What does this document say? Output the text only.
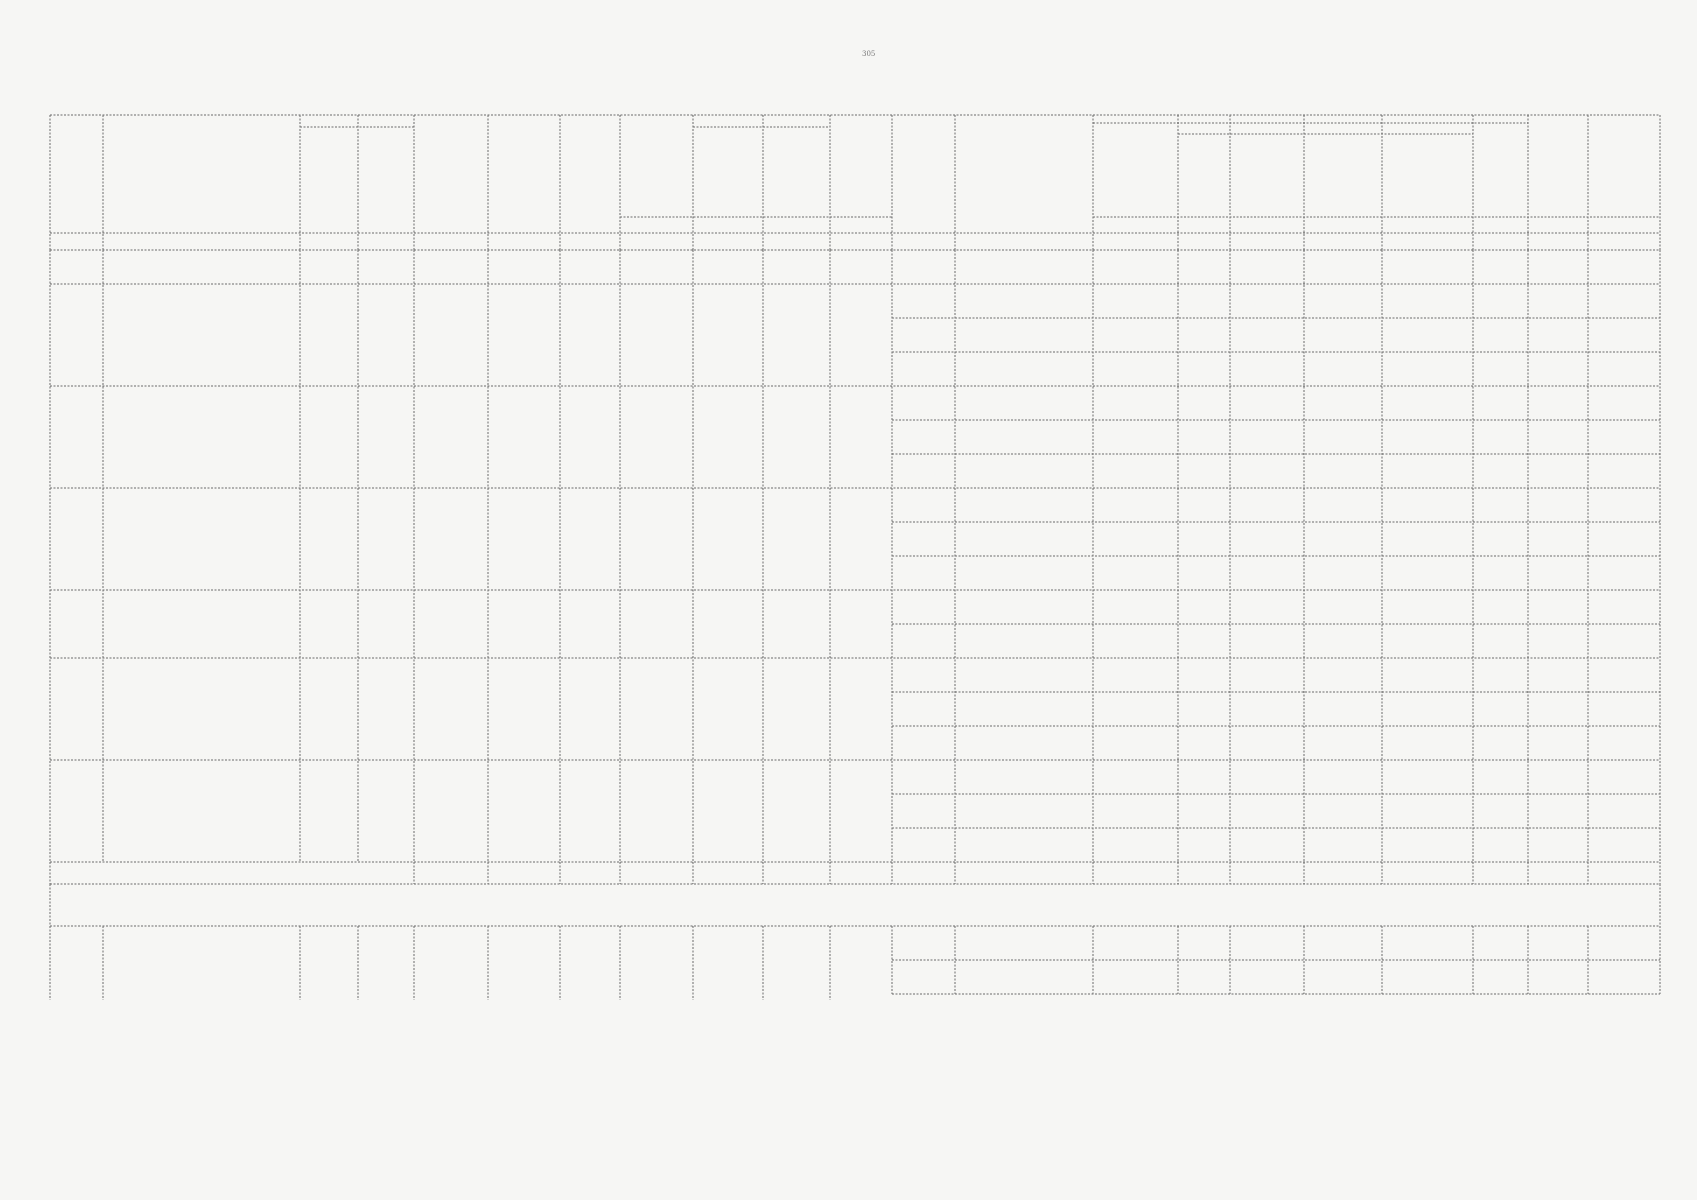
305
